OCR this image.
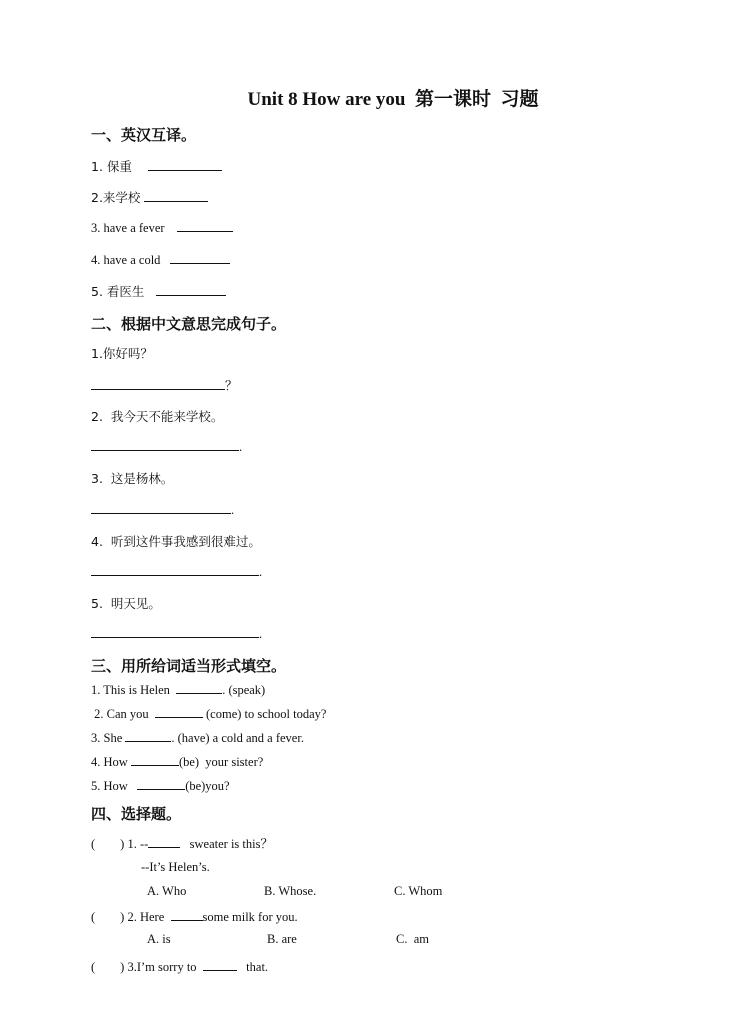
Unit 8 How are you  第一课时  习题
一、英汉互译。
1. 保重
2.来学校
3. have a fever
4. have a cold
5. 看医生
二、根据中文意思完成句子。
1.你好吗？
？
2.  我今天不能来学校。
.
3.  这是杨林。
.
4.  听到这件事我感到很难过。
.
5.  明天见。
.
三、用所给词适当形式填空。
1. This is Helen	. (speak)
2. Can you	(come) to school today?
3. She	. (have) a cold and a fever.
4. How	(be)  your sister?
5. How	(be)you?
四、选择题。
(        ) 1. --	sweater is this？
--It’s Helen’s.
A. Who	B. Whose.	C. Whom
(        ) 2. Here	some milk for you.
A. is	B. are	C.  am
(        ) 3.I’m sorry to	that.
